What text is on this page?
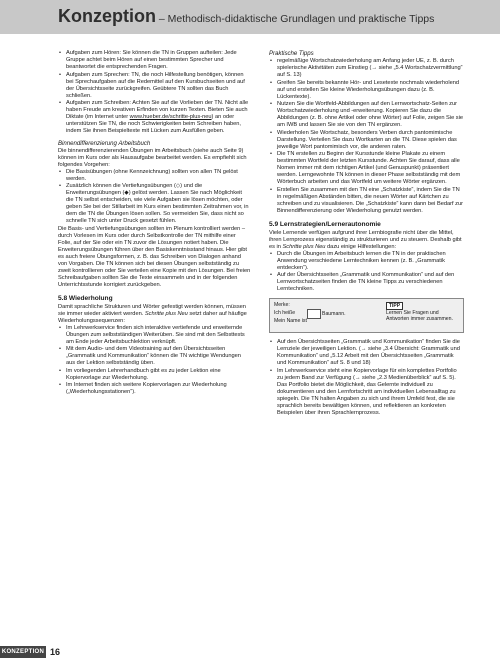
Konzeption – Methodisch-didaktische Grundlagen und praktische Tipps
• Aufgaben zum Hören: Sie können die TN in Gruppen aufteilen: Jede Gruppe achtet beim Hören auf einen bestimmten Sprecher und beantwortet die entsprechenden Fragen.
• Aufgaben zum Sprechen: TN, die noch Hilfestellung benötigen, können bei Sprechaufgaben auf die Redemittel auf den Kursbuchseiten und auf der Übersichtsseite zurückgreifen. Geübtere TN sollten das Buch schließen.
• Aufgaben zum Schreiben: Achten Sie auf die Vorlieben der TN. Nicht alle haben Freude am kreativen Erfinden von kurzen Texten. Bieten Sie auch Diktate (im Internet unter www.hueber.de/schritte-plus-neu) an oder unterstützen Sie TN, die noch Schwierigkeiten beim Schreiben haben, indem Sie ihnen Beispieltexte mit Lücken zum Ausfüllen geben.

Binnendifferenzierung Arbeitsbuch

Die binnendifferenzierenden Übungen im Arbeitsbuch (siehe auch Seite 9) können im Kurs oder als Hausaufgabe bearbeitet werden. Es empfiehlt sich folgendes Vorgehen:

• Die Basisübungen (ohne Kennzeichnung) sollten von allen TN gelöst werden.
• Zusätzlich können die Vertiefungsübungen (◇) und die Erweiterungsübungen (◆) gelöst werden. Lassen Sie nach Möglichkeit die TN selbst entscheiden, wie viele Aufgaben sie lösen möchten, oder geben Sie bei der Stillarbeit im Kurs einen bestimmten Zeitrahmen vor, in dem die TN die Übungen lösen sollen. So vermeiden Sie, dass nicht so schnelle TN sich unter Druck gesetzt fühlen.

Die Basis- und Vertiefungsübungen sollten im Plenum kontrolliert werden – durch Vorlesen im Kurs oder durch Selbstkontrolle der TN mithilfe einer Folie, auf der Sie oder ein TN zuvor die Lösungen notiert haben. Die Erweiterungsübungen führen über den Basiskenntnisstand hinaus. Hier gibt es auch freiere Übungsformen, z. B. das Schreiben von Dialogen anhand von Vorgaben. Die TN können sich bei diesen Übungen selbstständig zu zweit kontrollieren oder Sie verteilen eine Kopie mit den Lösungen. Bei freien Schreibaufgaben sollten Sie die Texte einsammeln und in der folgenden Unterrichtsstunde korrigiert zurückgeben.

5.8 Wiederholung

Damit sprachliche Strukturen und Wörter gefestigt werden können, müssen sie immer wieder aktiviert werden. Schritte plus Neu setzt daher auf häufige Wiederholungssequenzen:

• Im Lehrwerkservice finden sich interaktive vertiefende und erweiternde Übungen zum selbstständigen Weiterüben. Sie sind mit den Selbsttests am Ende jeder Arbeitsbuchlektion verknüpft.
• Mit dem Audio- und dem Videotraining auf den Übersichtsseiten „Grammatik und Kommunikation“ können die TN wichtige Wendungen aus der Lektion selbstständig üben.
• Im vorliegenden Lehrerhandbuch gibt es zu jeder Lektion eine Kopiervorlage zur Wiederholung.
• Im Internet finden sich weitere Kopiervorlagen zur Wiederholung („Wiederholungsstationen“).

Praktische Tipps

• regelmäßige Wortschatzwiederholung am Anfang jeder UE, z. B. durch spielerische Aktivitäten zum Einstieg (→ siehe „5.4 Wortschatzvermittlung“ auf S. 13)
• Greifen Sie bereits bekannte Hör- und Lesetexte nochmals wiederholend auf und erstellen Sie kleine Wiederholungsübungen dazu (z. B. Lückentexte).
• Nutzen Sie die Wortfeld-Abbildungen auf den Lernwortschatz-Seiten zur Wortschatzwiederholung und -erweiterung. Kopieren Sie dazu die Abbildungen (z. B. ohne Artikel oder ohne Wörter) auf Folie, zeigen Sie sie am IWB und lassen Sie sie von den TN ergänzen.
• Wiederholen Sie Wortschatz, besonders Verben durch pantomimische Darstellung. Verteilen Sie dazu Wortkarten an die TN. Diese spielen das jeweilige Wort pantomimisch vor, die anderen raten.
• Die TN erstellen zu Beginn der Kursstunde kleine Plakate zu einem bestimmten Wortfeld der letzten Kursstunde. Achten Sie darauf, dass alle Nomen immer mit dem richtigen Artikel (und Genuspunkt) präsentiert werden. Lerngewohnte TN können in dieser Phase selbstständig mit dem Wörterbuch arbeiten und das Wortfeld um weitere Wörter ergänzen.
• Erstellen Sie zusammen mit den TN eine „Schatzkiste“, indem Sie die TN in regelmäßigen Abständen bitten, die neuen Wörter auf Kärtchen zu schreiben und zu visualisieren. Die „Schatzkiste“ kann dann bei Bedarf zur Binnendifferenzierung oder Wiederholung genutzt werden.

5.9 Lernstrategien/Lernerautonomie

Viele Lernende verfügen aufgrund ihrer Lernbiografie nicht über die Mittel, ihren Lernprozess eigenständig zu strukturieren und zu steuern. Deshalb gibt es in Schritte plus Neu dazu einige Hilfestellungen:

• Durch die Übungen im Arbeitsbuch lernen die TN in der praktischen Anwendung verschiedene Lerntechniken kennen (z. B. „Grammatik entdecken“).
• Auf der Übersichtsseiten „Grammatik und Kommunikation“ und auf den Lernwortschatzseiten finden die TN kleine Tipps zu verschiedenen Lerntechniken.
Merke:
Ich heiße
Mein Name ist
Baumann.
TIPP
Lernen Sie Fragen und Antworten immer zusammen.
• Auf den Übersichtsseiten „Grammatik und Kommunikation“ finden Sie die Lernziele der jeweiligen Lektion. (→ siehe „3.4 Übersicht: Grammatik und Kommunikation“ und „5.12 Arbeit mit den Übersichtsseiten „Grammatik und Kommunikation“ auf S. 8 und 18)
• Im Lehrwerkservice steht eine Kopiervorlage für ein komplettes Portfolio zu jedem Band zur Verfügung (→ siehe „2.3 Medienüberblick“ auf S. 5). Das Portfolio bietet die Möglichkeit, das Gelernte individuell zu dokumentieren und den Lernfortschritt am individuellen Lebensalltag zu spiegeln. Die TN halten Angaben zu sich und ihrem Umfeld fest, die sie sprachlich bereits bewältigen können, und reflektieren an konkreten Beispielen über ihren Sprachlernprozess.
KONZEPTION 16
